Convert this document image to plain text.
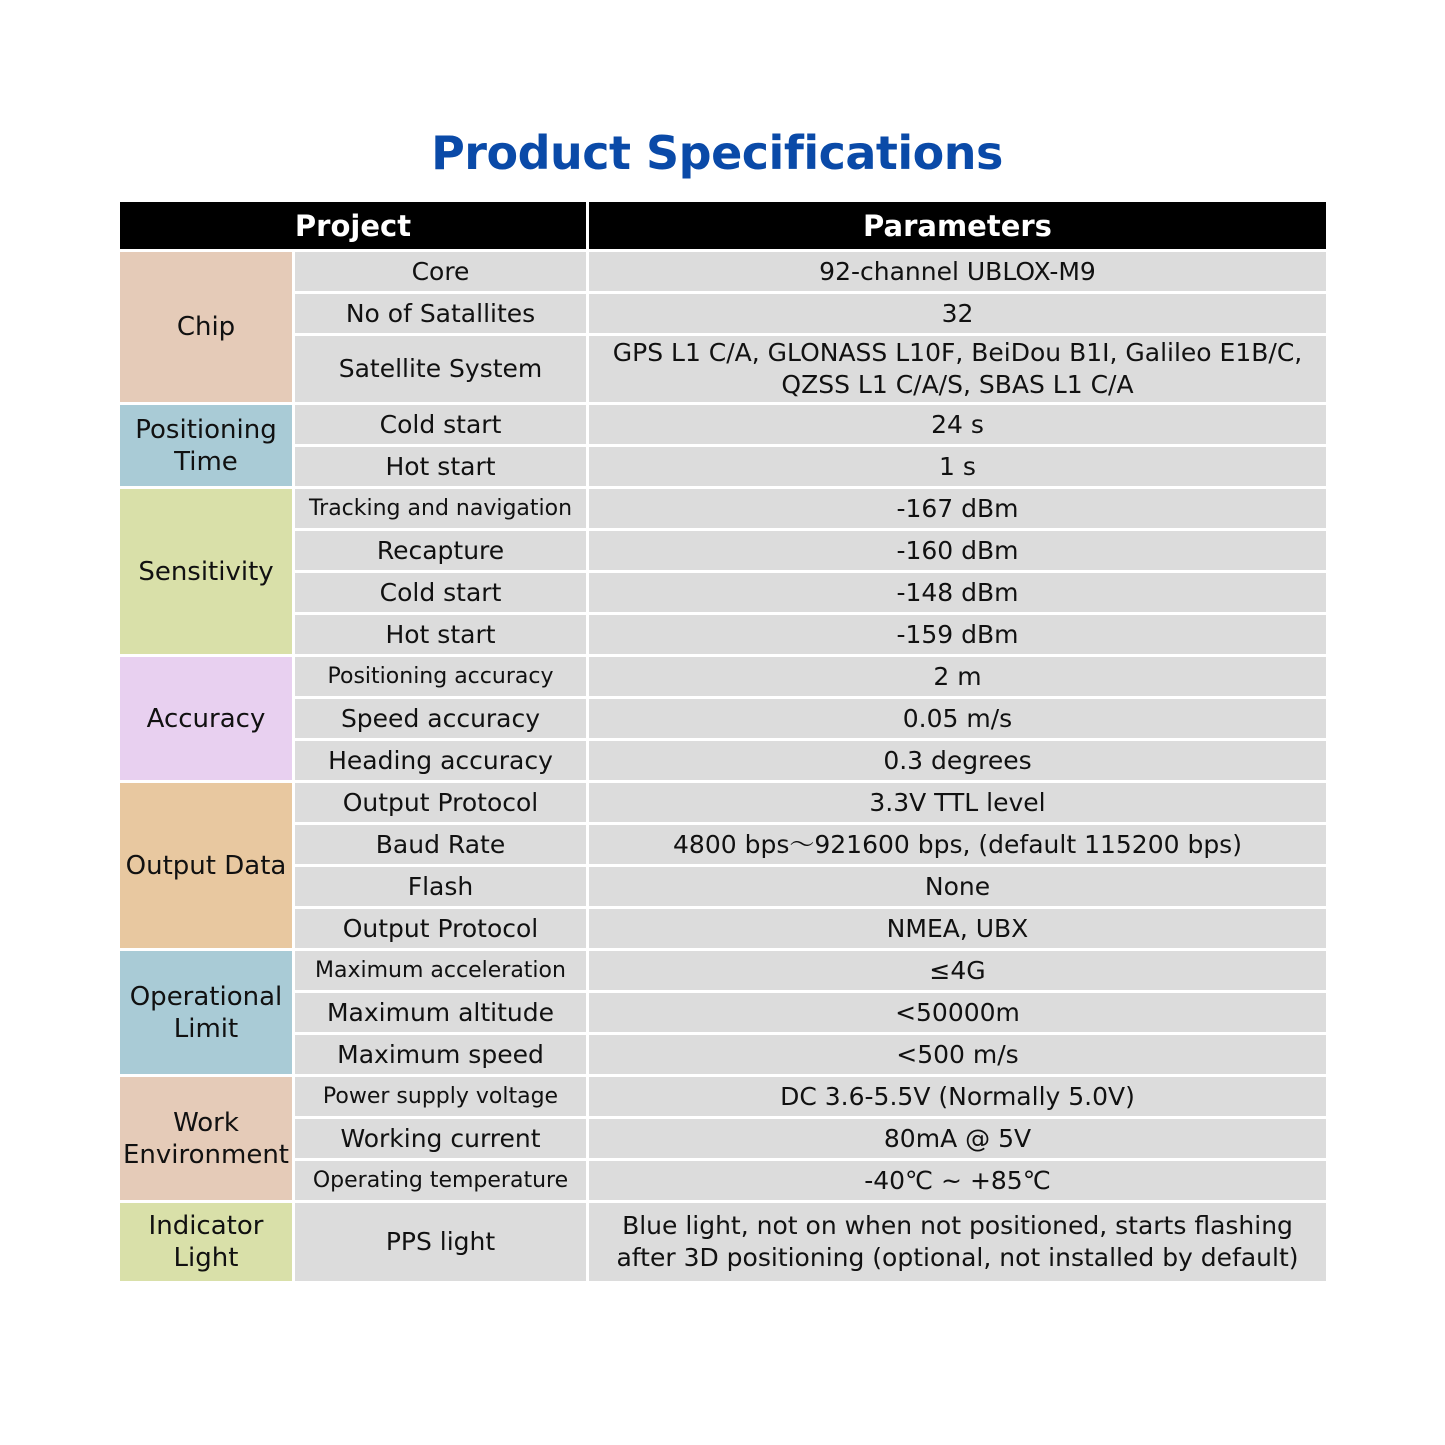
Product Specifications
Project		Parameters
Chip	Core	92-channel UBLOX-M9
	No of Satallites	32
	Satellite System	GPS L1 C/A, GLONASS L10F, BeiDou B1I, Galileo E1B/C,
QZSS L1 C/A/S, SBAS L1 C/A
Positioning Time	Cold start	24 s
	Hot start	1 s
Sensitivity	Tracking and navigation	-167 dBm
	Recapture	-160 dBm
	Cold start	-148 dBm
	Hot start	-159 dBm
Accuracy	Positioning accuracy	2 m
	Speed accuracy	0.05 m/s
	Heading accuracy	0.3 degrees
Output Data	Output Protocol	3.3V TTL level
	Baud Rate	4800 bps～921600 bps, (default 115200 bps)
	Flash	None
	Output Protocol	NMEA, UBX
Operational Limit	Maximum acceleration	≤4G
	Maximum altitude	<50000m
	Maximum speed	<500 m/s
Work Environment	Power supply voltage	DC 3.6-5.5V (Normally 5.0V)
	Working current	80mA @ 5V
	Operating temperature	-40℃ ~ +85℃
Indicator Light	PPS light	Blue light, not on when not positioned, starts flashing
after 3D positioning (optional, not installed by default)
